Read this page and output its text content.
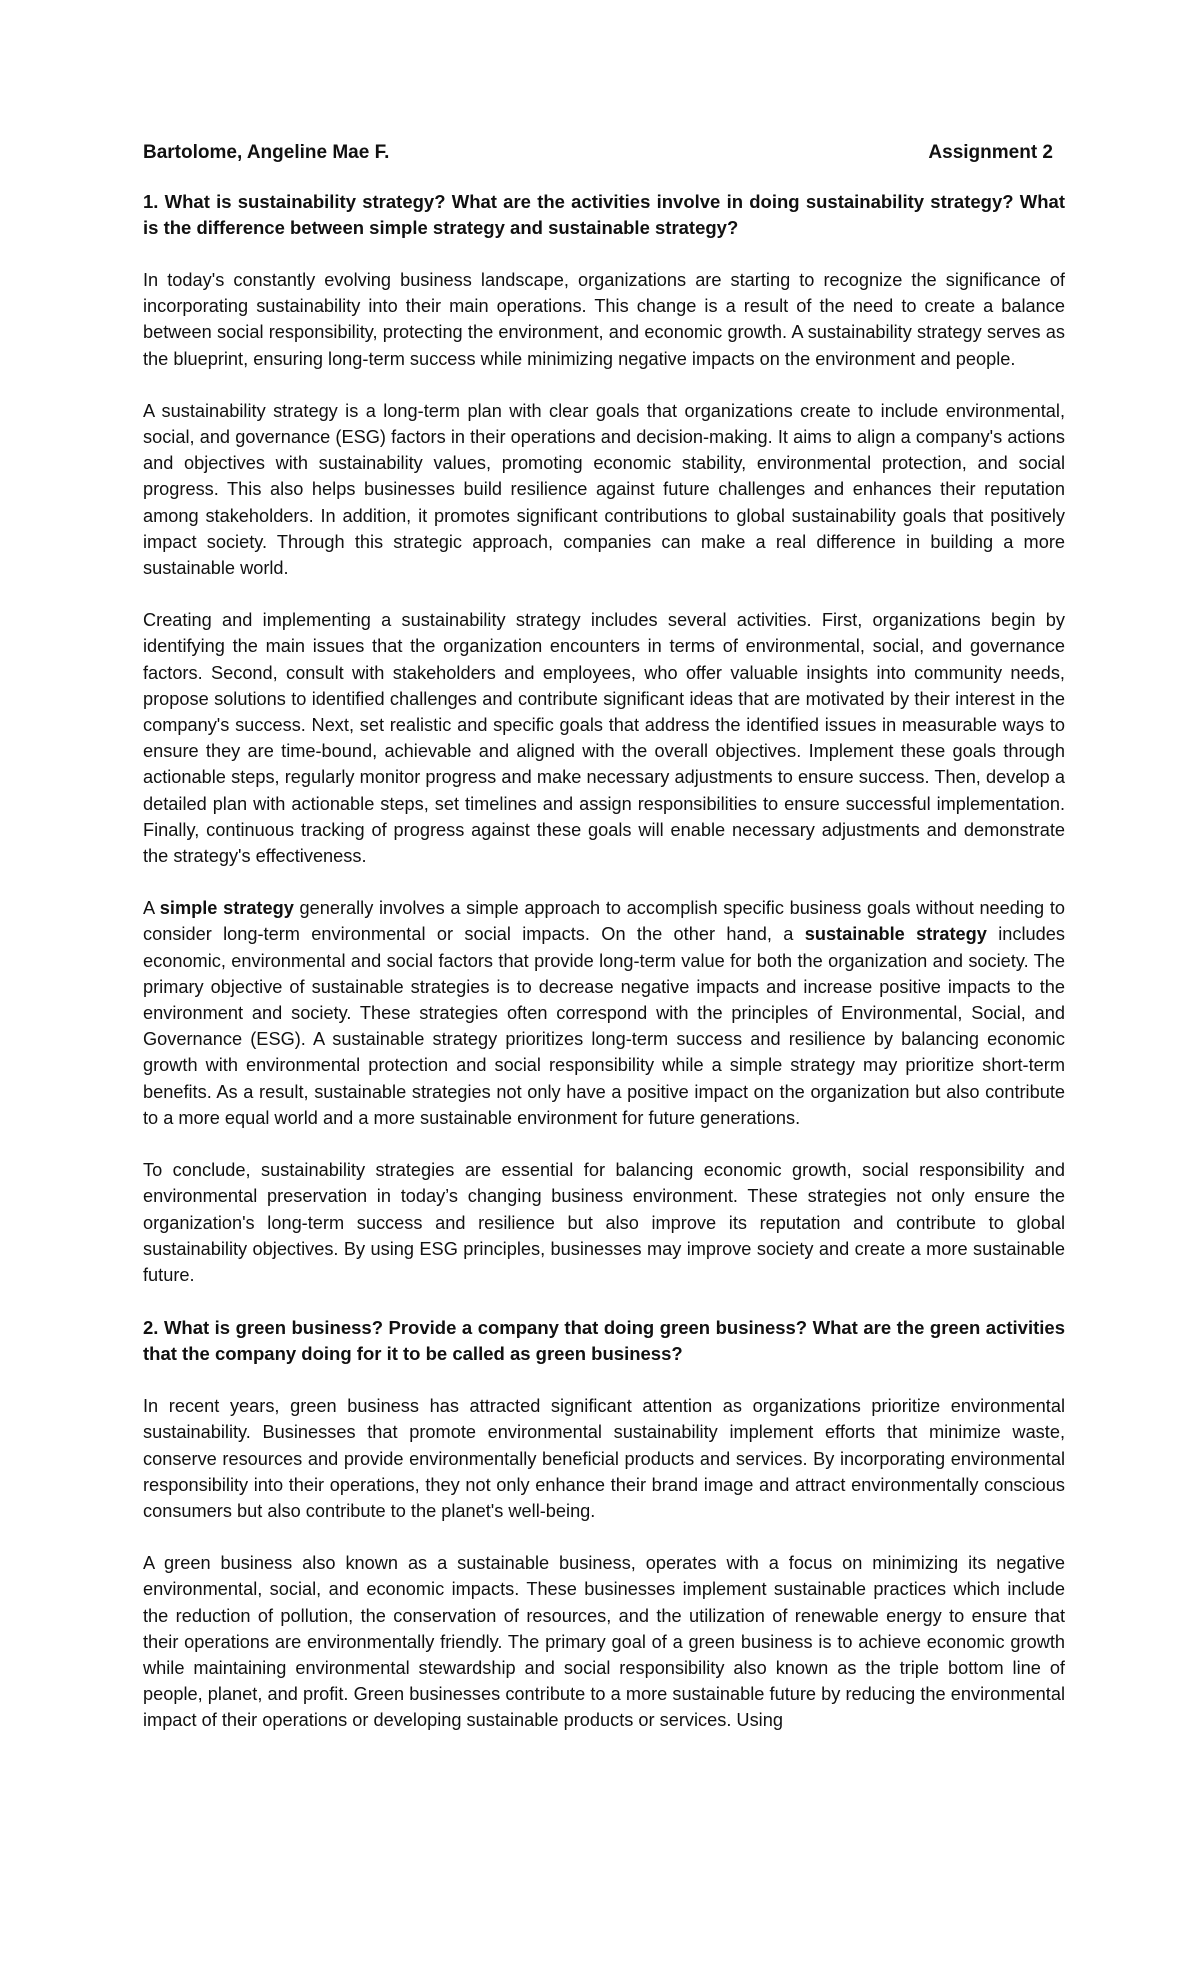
Bartolome, Angeline Mae F.	Assignment 2

1. What is sustainability strategy? What are the activities involve in doing sustainability strategy? What is the difference between simple strategy and sustainable strategy?

In today's constantly evolving business landscape, organizations are starting to recognize the significance of incorporating sustainability into their main operations. This change is a result of the need to create a balance between social responsibility, protecting the environment, and economic growth. A sustainability strategy serves as the blueprint, ensuring long-term success while minimizing negative impacts on the environment and people.

A sustainability strategy is a long-term plan with clear goals that organizations create to include environmental, social, and governance (ESG) factors in their operations and decision-making. It aims to align a company's actions and objectives with sustainability values, promoting economic stability, environmental protection, and social progress. This also helps businesses build resilience against future challenges and enhances their reputation among stakeholders. In addition, it promotes significant contributions to global sustainability goals that positively impact society. Through this strategic approach, companies can make a real difference in building a more sustainable world.

Creating and implementing a sustainability strategy includes several activities. First, organizations begin by identifying the main issues that the organization encounters in terms of environmental, social, and governance factors. Second, consult with stakeholders and employees, who offer valuable insights into community needs, propose solutions to identified challenges and contribute significant ideas that are motivated by their interest in the company's success. Next, set realistic and specific goals that address the identified issues in measurable ways to ensure they are time-bound, achievable and aligned with the overall objectives. Implement these goals through actionable steps, regularly monitor progress and make necessary adjustments to ensure success. Then, develop a detailed plan with actionable steps, set timelines and assign responsibilities to ensure successful implementation. Finally, continuous tracking of progress against these goals will enable necessary adjustments and demonstrate the strategy's effectiveness.

A simple strategy generally involves a simple approach to accomplish specific business goals without needing to consider long-term environmental or social impacts. On the other hand, a sustainable strategy includes economic, environmental and social factors that provide long-term value for both the organization and society. The primary objective of sustainable strategies is to decrease negative impacts and increase positive impacts to the environment and society. These strategies often correspond with the principles of Environmental, Social, and Governance (ESG). A sustainable strategy prioritizes long-term success and resilience by balancing economic growth with environmental protection and social responsibility while a simple strategy may prioritize short-term benefits. As a result, sustainable strategies not only have a positive impact on the organization but also contribute to a more equal world and a more sustainable environment for future generations.

To conclude, sustainability strategies are essential for balancing economic growth, social responsibility and environmental preservation in today’s changing business environment. These strategies not only ensure the organization's long-term success and resilience but also improve its reputation and contribute to global sustainability objectives. By using ESG principles, businesses may improve society and create a more sustainable future.

2. What is green business? Provide a company that doing green business? What are the green activities that the company doing for it to be called as green business?

In recent years, green business has attracted significant attention as organizations prioritize environmental sustainability. Businesses that promote environmental sustainability implement efforts that minimize waste, conserve resources and provide environmentally beneficial products and services. By incorporating environmental responsibility into their operations, they not only enhance their brand image and attract environmentally conscious consumers but also contribute to the planet's well-being.

A green business also known as a sustainable business, operates with a focus on minimizing its negative environmental, social, and economic impacts. These businesses implement sustainable practices which include the reduction of pollution, the conservation of resources, and the utilization of renewable energy to ensure that their operations are environmentally friendly. The primary goal of a green business is to achieve economic growth while maintaining environmental stewardship and social responsibility also known as the triple bottom line of people, planet, and profit. Green businesses contribute to a more sustainable future by reducing the environmental impact of their operations or developing sustainable products or services. Using
